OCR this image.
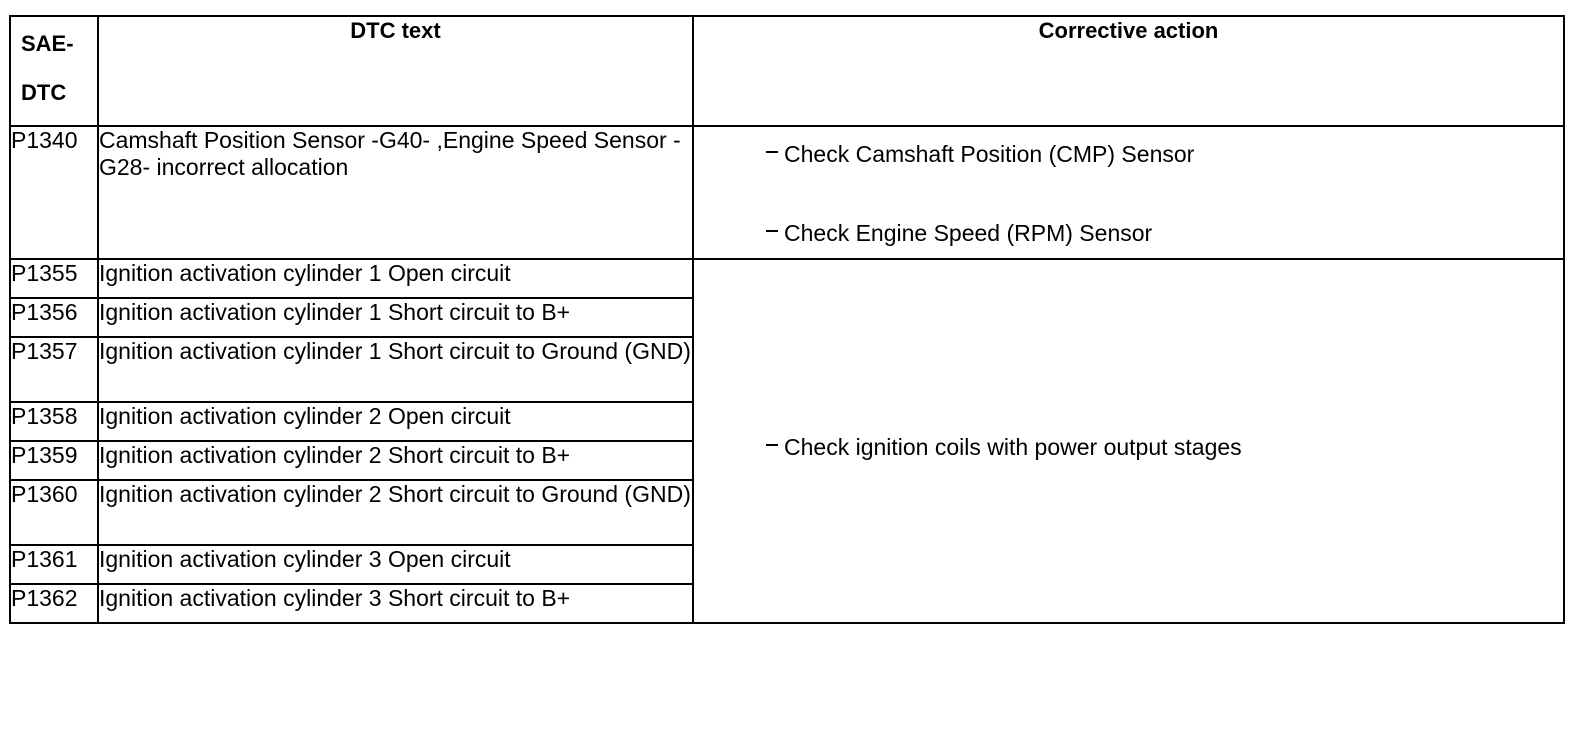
SAE-
DTC	DTC text	Corrective action
P1340	Camshaft Position Sensor -G40- ,Engine Speed Sensor -G28- incorrect allocation	Check Camshaft Position (CMP) Sensor
Check Engine Speed (RPM) Sensor

P1355	Ignition activation cylinder 1 Open circuit	Check ignition coils with power output stages

P1356	Ignition activation cylinder 1 Short circuit to B+	
P1357	Ignition activation cylinder 1 Short circuit to Ground (GND)	
P1358	Ignition activation cylinder 2 Open circuit	
P1359	Ignition activation cylinder 2 Short circuit to B+	
P1360	Ignition activation cylinder 2 Short circuit to Ground (GND)	
P1361	Ignition activation cylinder 3 Open circuit	
P1362	Ignition activation cylinder 3 Short circuit to B+	
